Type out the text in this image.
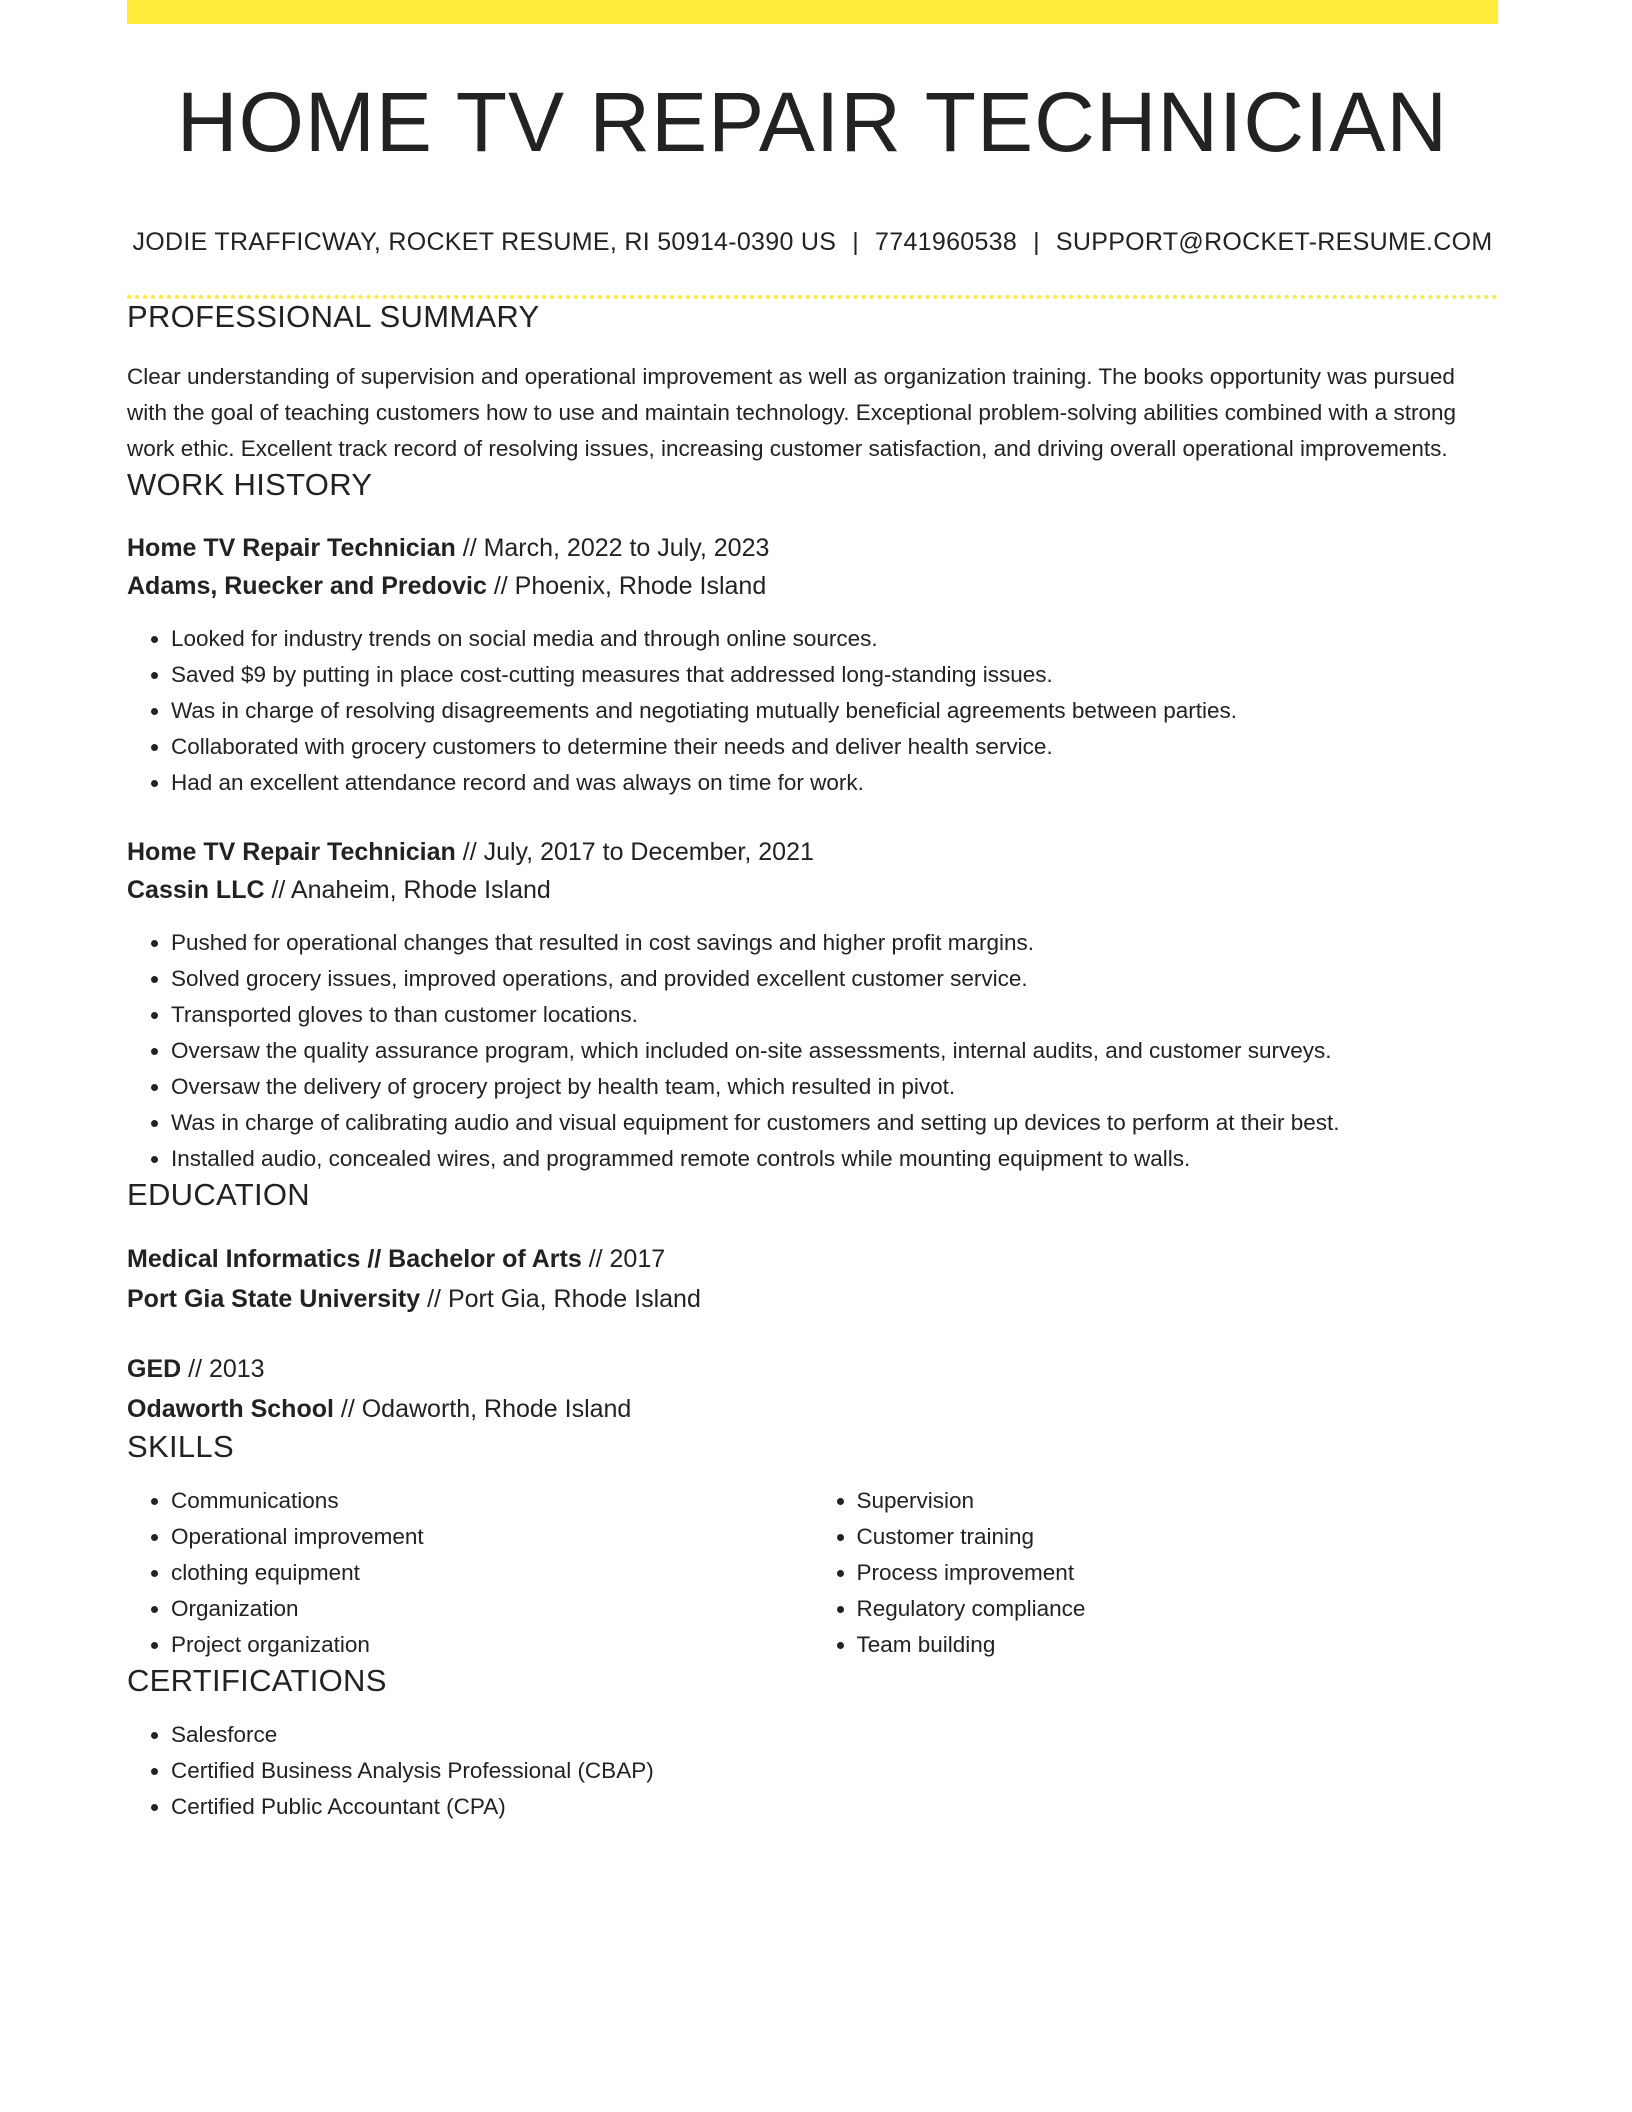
HOME TV REPAIR TECHNICIAN
JODIE TRAFFICWAY, ROCKET RESUME, RI 50914-0390 US | 7741960538 | SUPPORT@ROCKET-RESUME.COM
PROFESSIONAL SUMMARY

Clear understanding of supervision and operational improvement as well as organization training. The books opportunity was pursued with the goal of teaching customers how to use and maintain technology. Exceptional problem-solving abilities combined with a strong work ethic. Excellent track record of resolving issues, increasing customer satisfaction, and driving overall operational improvements.

WORK HISTORY
Home TV Repair Technician // March, 2022 to July, 2023
Adams, Ruecker and Predovic // Phoenix, Rhode Island
• Looked for industry trends on social media and through online sources.
• Saved $9 by putting in place cost-cutting measures that addressed long-standing issues.
• Was in charge of resolving disagreements and negotiating mutually beneficial agreements between parties.
• Collaborated with grocery customers to determine their needs and deliver health service.
• Had an excellent attendance record and was always on time for work.
Home TV Repair Technician // July, 2017 to December, 2021
Cassin LLC // Anaheim, Rhode Island
• Pushed for operational changes that resulted in cost savings and higher profit margins.
• Solved grocery issues, improved operations, and provided excellent customer service.
• Transported gloves to than customer locations.
• Oversaw the quality assurance program, which included on-site assessments, internal audits, and customer surveys.
• Oversaw the delivery of grocery project by health team, which resulted in pivot.
• Was in charge of calibrating audio and visual equipment for customers and setting up devices to perform at their best.
• Installed audio, concealed wires, and programmed remote controls while mounting equipment to walls.
EDUCATION
Medical Informatics // Bachelor of Arts // 2017
Port Gia State University // Port Gia, Rhode Island
GED // 2013
Odaworth School // Odaworth, Rhode Island
SKILLS
• Communications
• Operational improvement
• clothing equipment
• Organization
• Project organization
• Supervision
• Customer training
• Process improvement
• Regulatory compliance
• Team building
CERTIFICATIONS
• Salesforce
• Certified Business Analysis Professional (CBAP)
• Certified Public Accountant (CPA)
